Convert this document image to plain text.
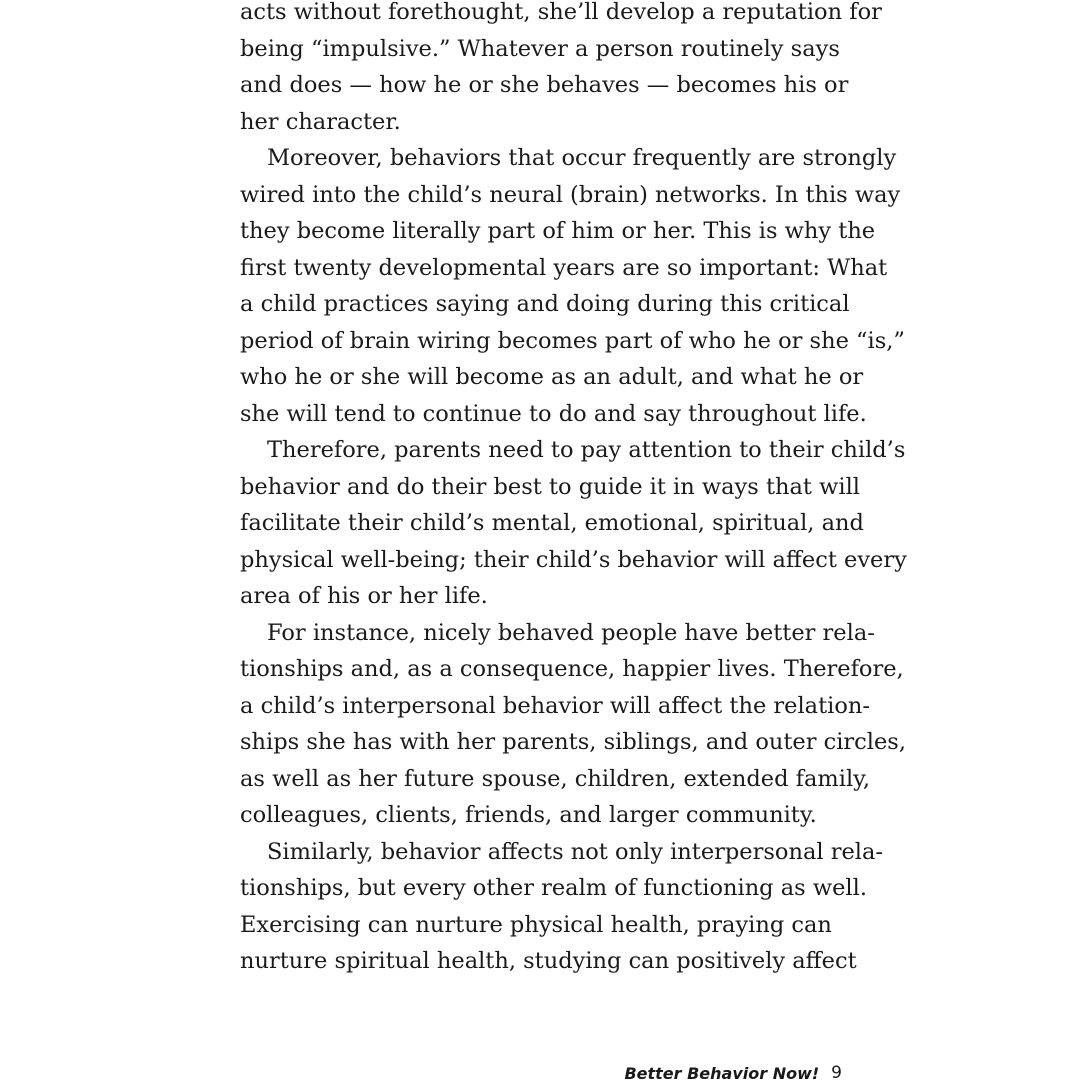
acts without forethought, she’ll develop a reputation for
being “impulsive.” Whatever a person routinely says
and does — how he or she behaves — becomes his or
her character.
Moreover, behaviors that occur frequently are strongly
wired into the child’s neural (brain) networks. In this way
they become literally part of him or her. This is why the
first twenty developmental years are so important: What
a child practices saying and doing during this critical
period of brain wiring becomes part of who he or she “is,”
who he or she will become as an adult, and what he or
she will tend to continue to do and say throughout life.
Therefore, parents need to pay attention to their child’s
behavior and do their best to guide it in ways that will
facilitate their child’s mental, emotional, spiritual, and
physical well-being; their child’s behavior will affect every
area of his or her life.
For instance, nicely behaved people have better rela-
tionships and, as a consequence, happier lives. Therefore,
a child’s interpersonal behavior will affect the relation-
ships she has with her parents, siblings, and outer circles,
as well as her future spouse, children, extended family,
colleagues, clients, friends, and larger community.
Similarly, behavior affects not only interpersonal rela-
tionships, but every other realm of functioning as well.
Exercising can nurture physical health, praying can
nurture spiritual health, studying can positively affect
Better Behavior Now! 9
